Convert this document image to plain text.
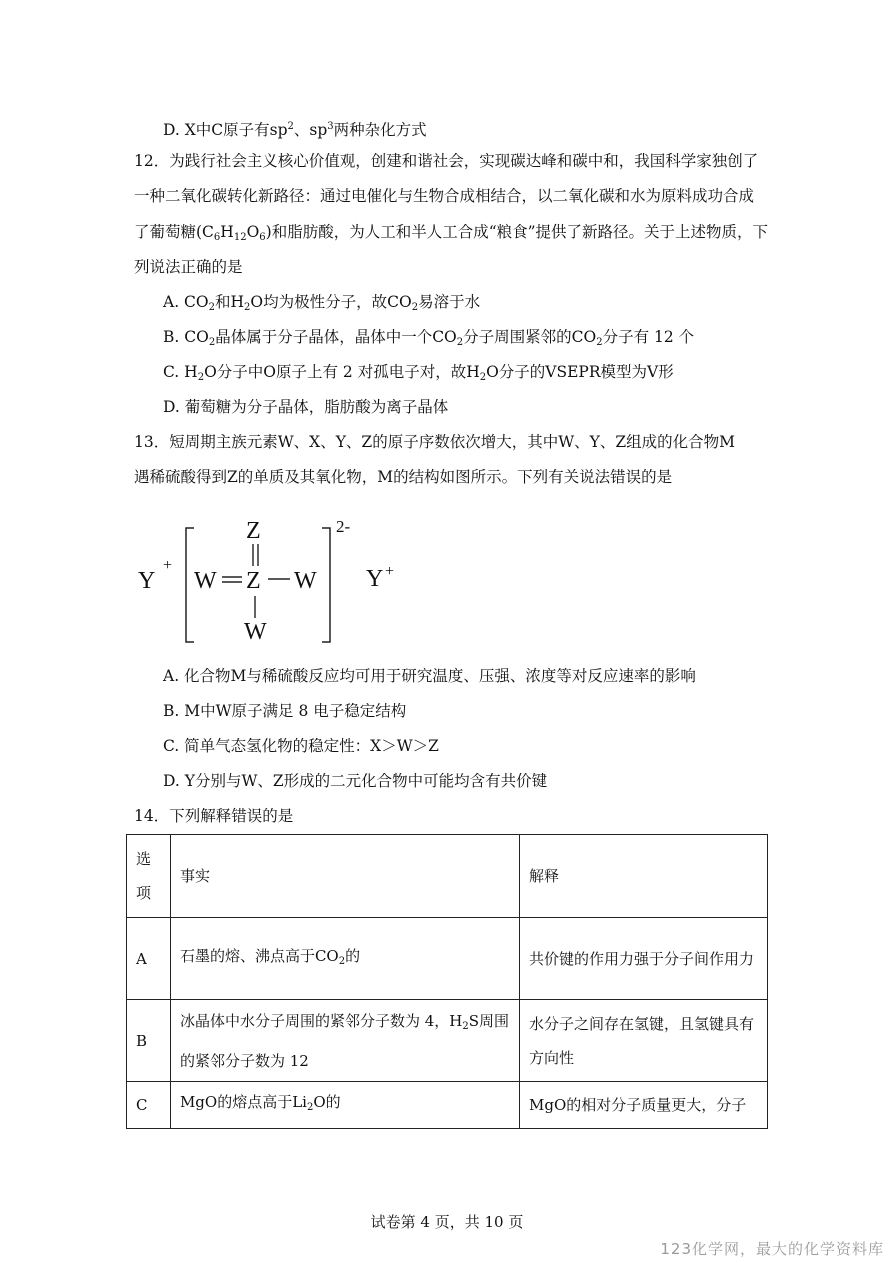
D. X中C原子有$sp^2$、$sp^3$两种杂化方式
12．为践行社会主义核心价值观，创建和谐社会，实现碳达峰和碳中和，我国科学家独创了
一种二氧化碳转化新路径：通过电催化与生物合成相结合，以二氧化碳和水为原料成功合成
了葡萄糖$(C_6H_{12}O_6)$和脂肪酸，为人工和半人工合成“粮食”提供了新路径。关于上述物质，下
列说法正确的是
A. $CO_2$和$H_2O$均为极性分子，故$CO_2$易溶于水
B. $CO_2$晶体属于分子晶体，晶体中一个$CO_2$分子周围紧邻的$CO_2$分子有 12 个
C. $H_2O$分子中O原子上有 2 对孤电子对，故$H_2O$分子的VSEPR模型为V形
D. 葡萄糖为分子晶体，脂肪酸为离子晶体
13．短周期主族元素W、X、Y、Z的原子序数依次增大，其中W、Y、Z组成的化合物M
遇稀硫酸得到Z的单质及其氧化物，M的结构如图所示。下列有关说法错误的是
Y
+
Z
W Z W
W
2-
Y +
A. 化合物M与稀硫酸反应均可用于研究温度、压强、浓度等对反应速率的影响
B. M中W原子满足 8 电子稳定结构
C. 简单气态氢化物的稳定性：X＞W＞Z
D. Y分别与W、Z形成的二元化合物中可能均含有共价键
14．下列解释错误的是
选项	事实	解释
A	石墨的熔、沸点高于$CO_2$的	共价键的作用力强于分子间作用力
B	冰晶体中水分子周围的紧邻分子数为 4，$H_2S$周围的紧邻分子数为 12	水分子之间存在氢键，且氢键具有方向性
C	MgO的熔点高于$Li_2O$的	MgO的相对分子质量更大，分子
试卷第 4 页，共 10 页
123化学网，最大的化学资料库
